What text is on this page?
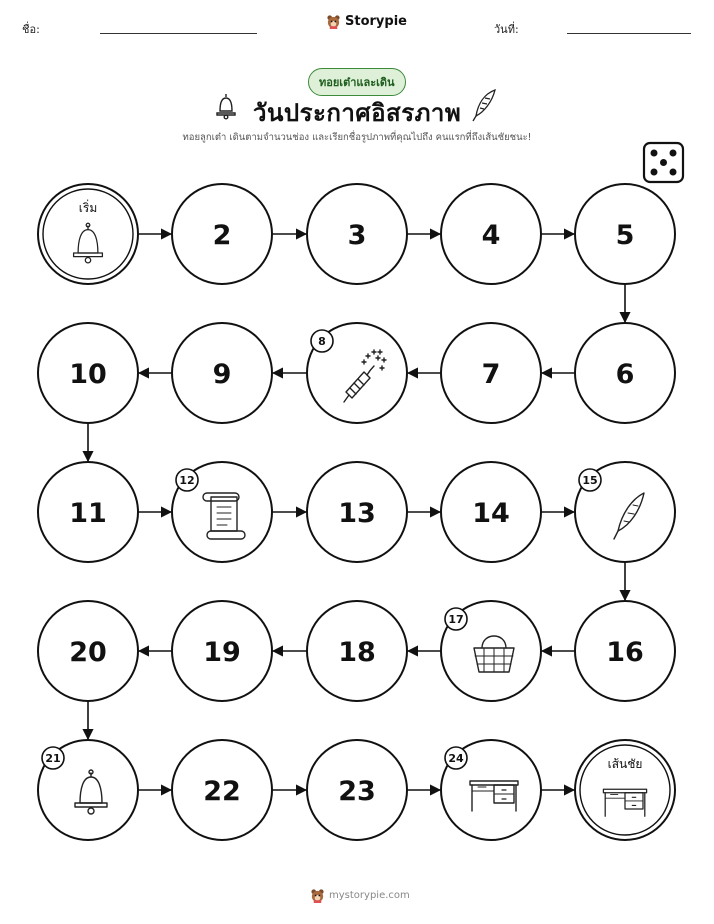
ชื่อ:
Storypie
วันที่:
ทอยเต๋าและเดิน
วันประกาศอิสรภาพ
ทอยลูกเต๋า เดินตามจำนวนช่อง และเรียกชื่อรูปภาพที่คุณไปถึง คนแรกที่ถึงเส้นชัยชนะ!
เริ่ม
2	3	4	5
6
7
8
9
10
11
12
13	14
15
16
17
18
19
20
21
22	23
24	เส้นชัย
mystorypie.com
